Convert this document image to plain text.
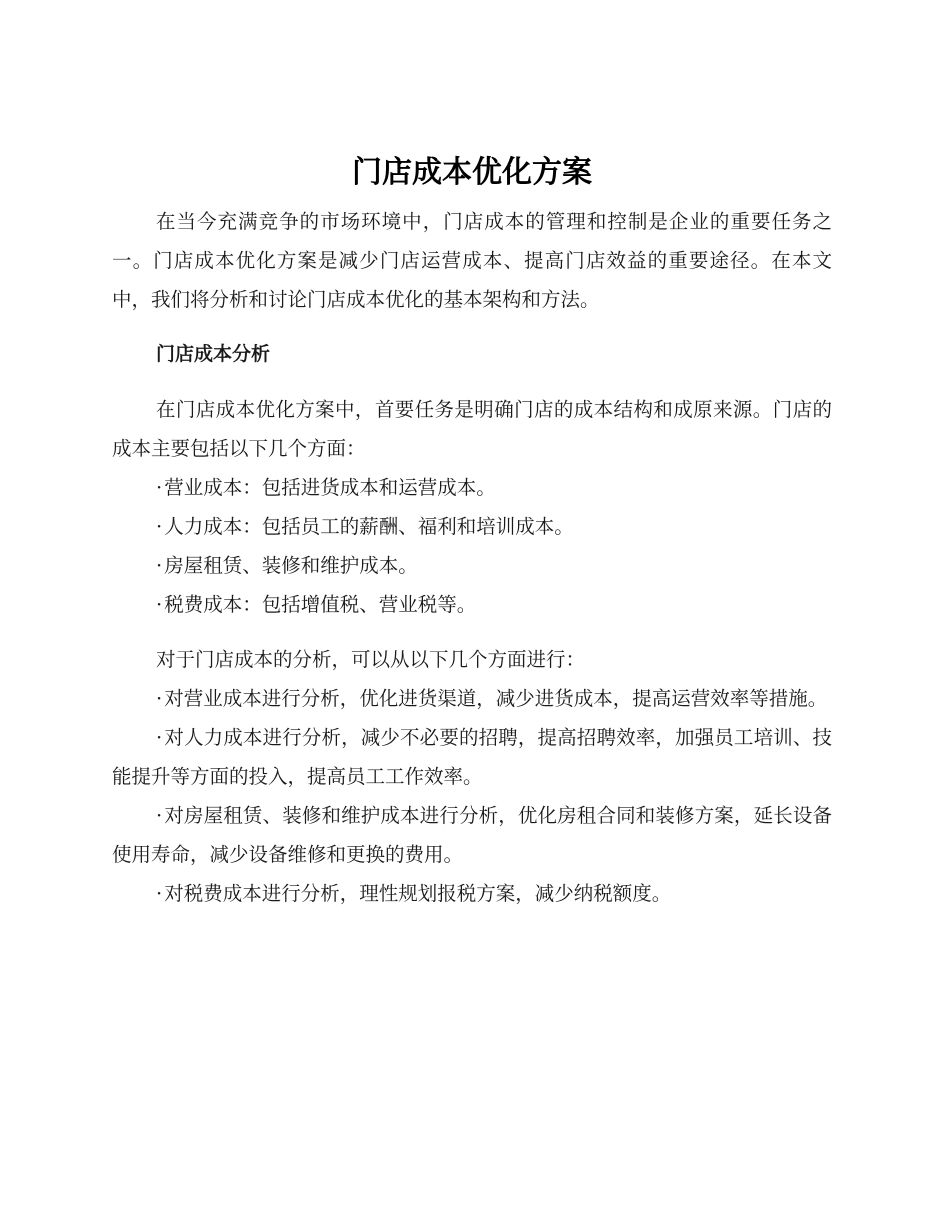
门店成本优化方案

在当今充满竞争的市场环境中，门店成本的管理和控制是企业的重要任务之一。门店成本优化方案是减少门店运营成本、提高门店效益的重要途径。在本文中，我们将分析和讨论门店成本优化的基本架构和方法。

门店成本分析

在门店成本优化方案中，首要任务是明确门店的成本结构和成原来源。门店的成本主要包括以下几个方面：

· 营业成本：包括进货成本和运营成本。

· 人力成本：包括员工的薪酬、福利和培训成本。

· 房屋租赁、装修和维护成本。

· 税费成本：包括增值税、营业税等。

对于门店成本的分析，可以从以下几个方面进行：

· 对营业成本进行分析，优化进货渠道，减少进货成本，提高运营效率等措施。

· 对人力成本进行分析，减少不必要的招聘，提高招聘效率，加强员工培训、技能提升等方面的投入，提高员工工作效率。

· 对房屋租赁、装修和维护成本进行分析，优化房租合同和装修方案，延长设备使用寿命，减少设备维修和更换的费用。

· 对税费成本进行分析，理性规划报税方案，减少纳税额度。
